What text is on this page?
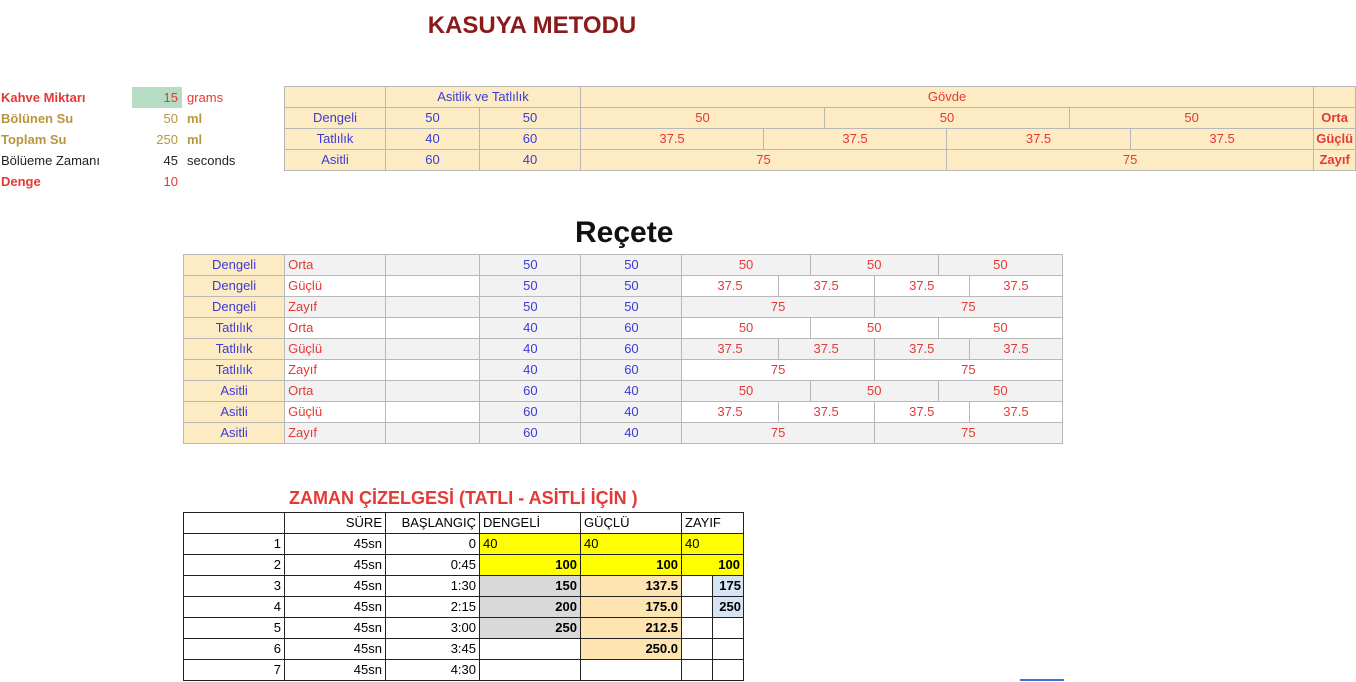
KASUYA METODU
Kahve Miktarı	15 grams
Bölünen Su	50 ml
Toplam Su	250 ml
Bölüeme Zamanı	45 seconds
Denge	10
	Asitlik ve Tatlılık		Gövde						
Dengeli	50	50	50		50		50		Orta
Tatlılık	40	60	37.5	37.5		37.5		37.5	Güçlü
Asitli	60	40	75			75			Zayıf
Reçete
Dengeli	Orta		50	50	50		50		50	
Dengeli	Güçlü		50	50	37.5	37.5		37.5		37.5
Dengeli	Zayıf		50	50	75			75		
Tatlılık	Orta		40	60	50		50		50	
Tatlılık	Güçlü		40	60	37.5	37.5		37.5		37.5
Tatlılık	Zayıf		40	60	75			75		
Asitli	Orta		60	40	50		50		50	
Asitli	Güçlü		60	40	37.5	37.5		37.5		37.5
Asitli	Zayıf		60	40	75			75		
ZAMAN ÇİZELGESİ (TATLI - ASİTLİ İÇİN )
	SÜRE	BAŞLANGIÇ	DENGELİ	GÜÇLÜ	ZAYIF	
1	45sn	0	40	40	40	
2	45sn	0:45	100	100	100	
3	45sn	1:30	150	137.5		175
4	45sn	2:15	200	175.0		250
5	45sn	3:00	250	212.5		
6	45sn	3:45		250.0		
7	45sn	4:30				
